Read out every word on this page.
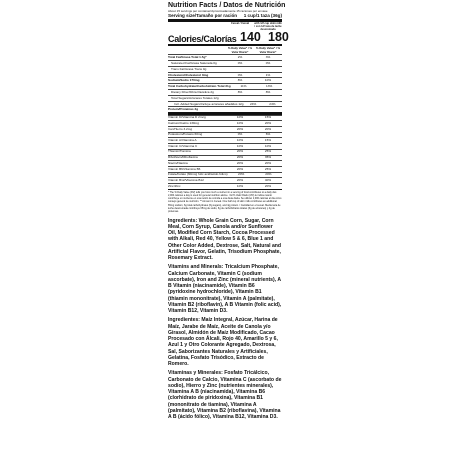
Nutrition Facts / Datos de Nutrición
About 15 servings per container/Aproximadamente 15 raciones por envase
Serving size/Tamaño por ración 1 cup/1 taza (36g)
Cereal / Cereal	with 1/2 cup skim milk / con 1/2 taza de leche descremada
Calories/Calorías 140 180
% Daily Value* / % Valor Diario*
% Daily Value* / % Valor Diario*
Total Fat/Grasa Total 1.5g*	2%	3%
Saturated Fat/Grasa Saturada 0g	0%	0%
Trans Fat/Grasa Trans 0g
Cholesterol/Colesterol 0mg	0%	1%
Sodium/Sodio 170mg	8%	10%
Total Carbohydrate/Carbohidrato Total 31g	11%	13%
Dietary Fiber/Fibra Dietética 2g	8%	8%
Total Sugars/Azúcares Totales 12g
Incl. Added Sugars/Incluye azúcares añadidos 12g	24%	24%
Protein/Proteínas 2g
Vitamin D/Vitamina D 2mcg	10%	15%
Calcium/Calcio 130mg	10%	20%
Iron/Hierro 3.2mg	20%	20%
Potassium/Potasio 60mg	0%	6%
Vitamin A/Vitamina A	10%	15%
Vitamin C/Vitamina C	10%	10%
Thiamin/Tiamina	20%	25%
Riboflavin/Riboflavina	20%	35%
Niacin/Niacina	20%	20%
Vitamin B6/Vitamina B6	20%	25%
Folate/Folato (60mcg folic acid/ácido fólico)	20%	20%
Vitamin B12/Vitamina B12	20%	40%
Zinc/Zinc	10%	20%
* The % Daily Value (DV) tells you how much a nutrient in a serving of food contributes to a daily diet. 2,000 calories a day is used for general nutrition advice. / El % Valor Diario (VD) le indica cuánto contribuye un nutriente en una ración de comida a una dieta diaria. Se utilizan 2,000 calorías al día como consejo general de nutrición. ** Amount in Cereal. One half cup of skim milk contributes an additional 65mg sodium, 6g total carbohydrates (6g sugars), and 4g protein. / Cantidad en el cereal. Media taza de leche descremada contribuye 65mg de sodio, 6g de carbohidratos totales (6g de azúcares) y 4g de proteínas.

Ingredients: Whole Grain Corn, Sugar, Corn Meal, Corn Syrup, Canola and/or Sunflower Oil, Modified Corn Starch, Cocoa Processed with Alkali, Red 40, Yellow 5 & 6, Blue 1 and Other Color Added, Dextrose, Salt, Natural and Artificial Flavor, Gelatin, Trisodium Phosphate, Rosemary Extract.

Vitamins and Minerals: Tricalcium Phosphate, Calcium Carbonate, Vitamin C (sodium ascorbate), Iron and Zinc (mineral nutrients), A B Vitamin (niacinamide), Vitamin B6 (pyridoxine hydrochloride), Vitamin B1 (thiamin mononitrate), Vitamin A (palmitate), Vitamin B2 (riboflavin), A B Vitamin (folic acid), Vitamin B12, Vitamin D3.

Ingredientes: Maíz Integral, Azúcar, Harina de Maíz, Jarabe de Maíz, Aceite de Canola y/o Girasol, Almidón de Maíz Modificado, Cacao Procesado con Álcali, Rojo 40, Amarillo 5 y 6, Azul 1 y Otro Colorante Agregado, Dextrosa, Sal, Saborizantes Naturales y Artificiales, Gelatina, Fosfato Trisódico, Extracto de Romero.

Vitaminas y Minerales: Fosfato Tricálcico, Carbonato de Calcio, Vitamina C (ascorbato de sodio), Hierro y Zinc (nutrientes minerales), Vitamina A B (niacinamida), Vitamina B6 (clorhidrato de piridoxina), Vitamina B1 (mononitrato de tiamina), Vitamina A (palmitato), Vitamina B2 (riboflavina), Vitamina A B (ácido fólico), Vitamina B12, Vitamina D3.
